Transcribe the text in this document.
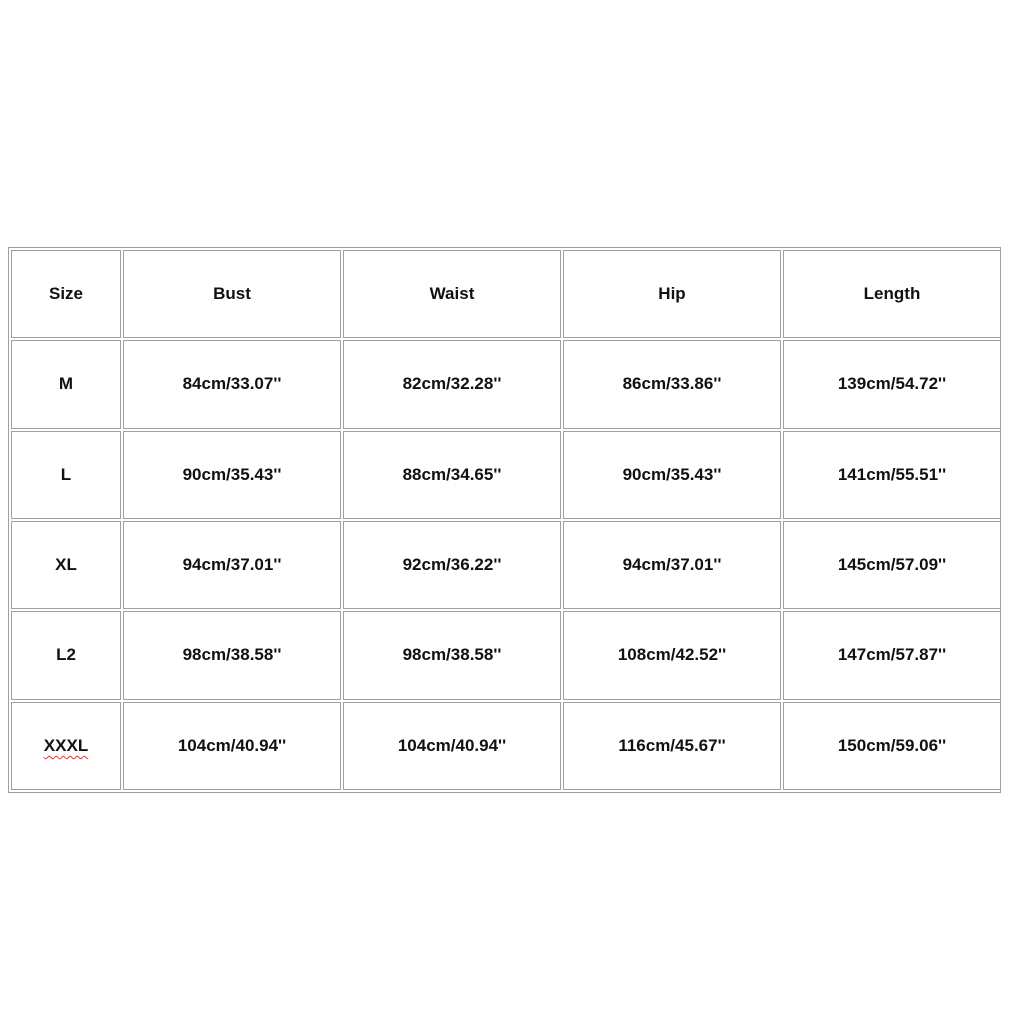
Size	Bust	Waist	Hip	Length
M	84cm/33.07''	82cm/32.28''	86cm/33.86''	139cm/54.72''
L	90cm/35.43''	88cm/34.65''	90cm/35.43''	141cm/55.51''
XL	94cm/37.01''	92cm/36.22''	94cm/37.01''	145cm/57.09''
L2	98cm/38.58''	98cm/38.58''	108cm/42.52''	147cm/57.87''
XXXL	104cm/40.94''	104cm/40.94''	116cm/45.67''	150cm/59.06''
